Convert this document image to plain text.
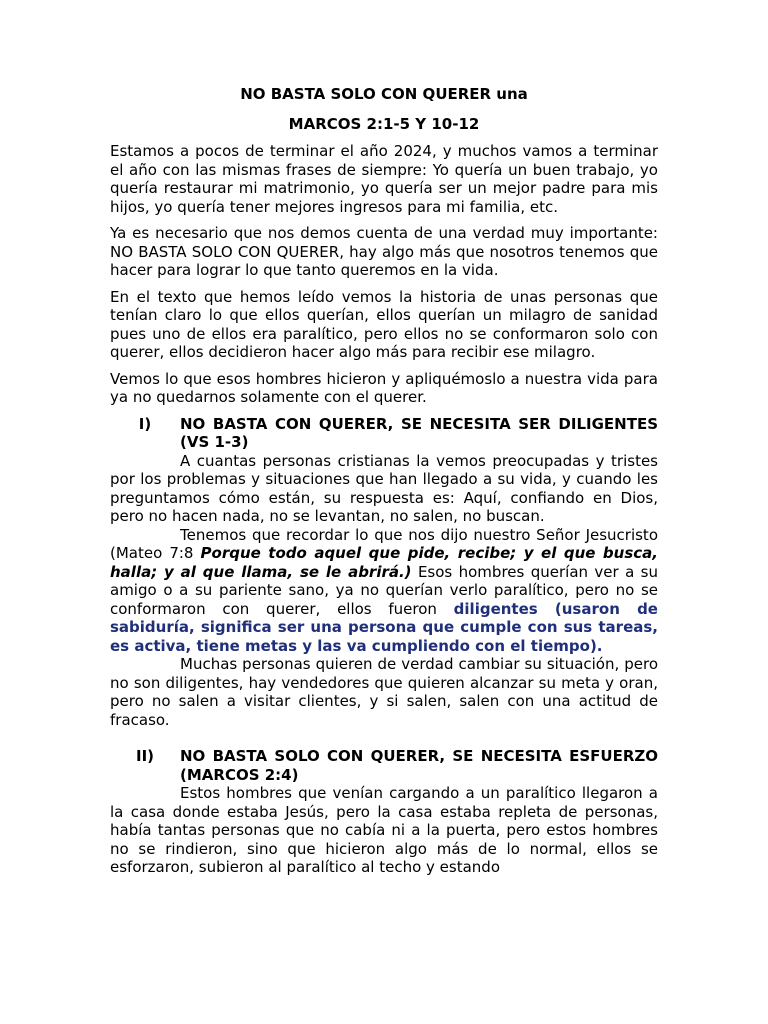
NO BASTA SOLO CON QUERER una
MARCOS 2:1-5 Y 10-12

Estamos a pocos de terminar el año 2024, y muchos vamos a terminar el año con las mismas frases de siempre: Yo quería un buen trabajo, yo quería restaurar mi matrimonio, yo quería ser un mejor padre para mis hijos, yo quería tener mejores ingresos para mi familia, etc.

Ya es necesario que nos demos cuenta de una verdad muy importante: NO BASTA SOLO CON QUERER, hay algo más que nosotros tenemos que hacer para lograr lo que tanto queremos en la vida.

En el texto que hemos leído vemos la historia de unas personas que tenían claro lo que ellos querían, ellos querían un milagro de sanidad pues uno de ellos era paralítico, pero ellos no se conformaron solo con querer, ellos decidieron hacer algo más para recibir ese milagro.

Vemos lo que esos hombres hicieron y apliquémoslo a nuestra vida para ya no quedarnos solamente con el querer.

I)	NO BASTA CON QUERER, SE NECESITA SER DILIGENTES (VS 1-3)
A cuantas personas cristianas la vemos preocupadas y tristes por los problemas y situaciones que han llegado a su vida, y cuando les preguntamos cómo están, su respuesta es: Aquí, confiando en Dios, pero no hacen nada, no se levantan, no salen, no buscan.
Tenemos que recordar lo que nos dijo nuestro Señor Jesucristo (Mateo 7:8 Porque todo aquel que pide, recibe; y el que busca, halla; y al que llama, se le abrirá.) Esos hombres querían ver a su amigo o a su pariente sano, ya no querían verlo paralítico, pero no se conformaron con querer, ellos fueron diligentes (usaron de sabiduría, significa ser una persona que cumple con sus tareas, es activa, tiene metas y las va cumpliendo con el tiempo).
Muchas personas quieren de verdad cambiar su situación, pero no son diligentes, hay vendedores que quieren alcanzar su meta y oran, pero no salen a visitar clientes, y si salen, salen con una actitud de fracaso.
II)	NO BASTA SOLO CON QUERER, SE NECESITA ESFUERZO (MARCOS 2:4)
Estos hombres que venían cargando a un paralítico llegaron a la casa donde estaba Jesús, pero la casa estaba repleta de personas, había tantas personas que no cabía ni a la puerta, pero estos hombres no se rindieron, sino que hicieron algo más de lo normal, ellos se esforzaron, subieron al paralítico al techo y estando
